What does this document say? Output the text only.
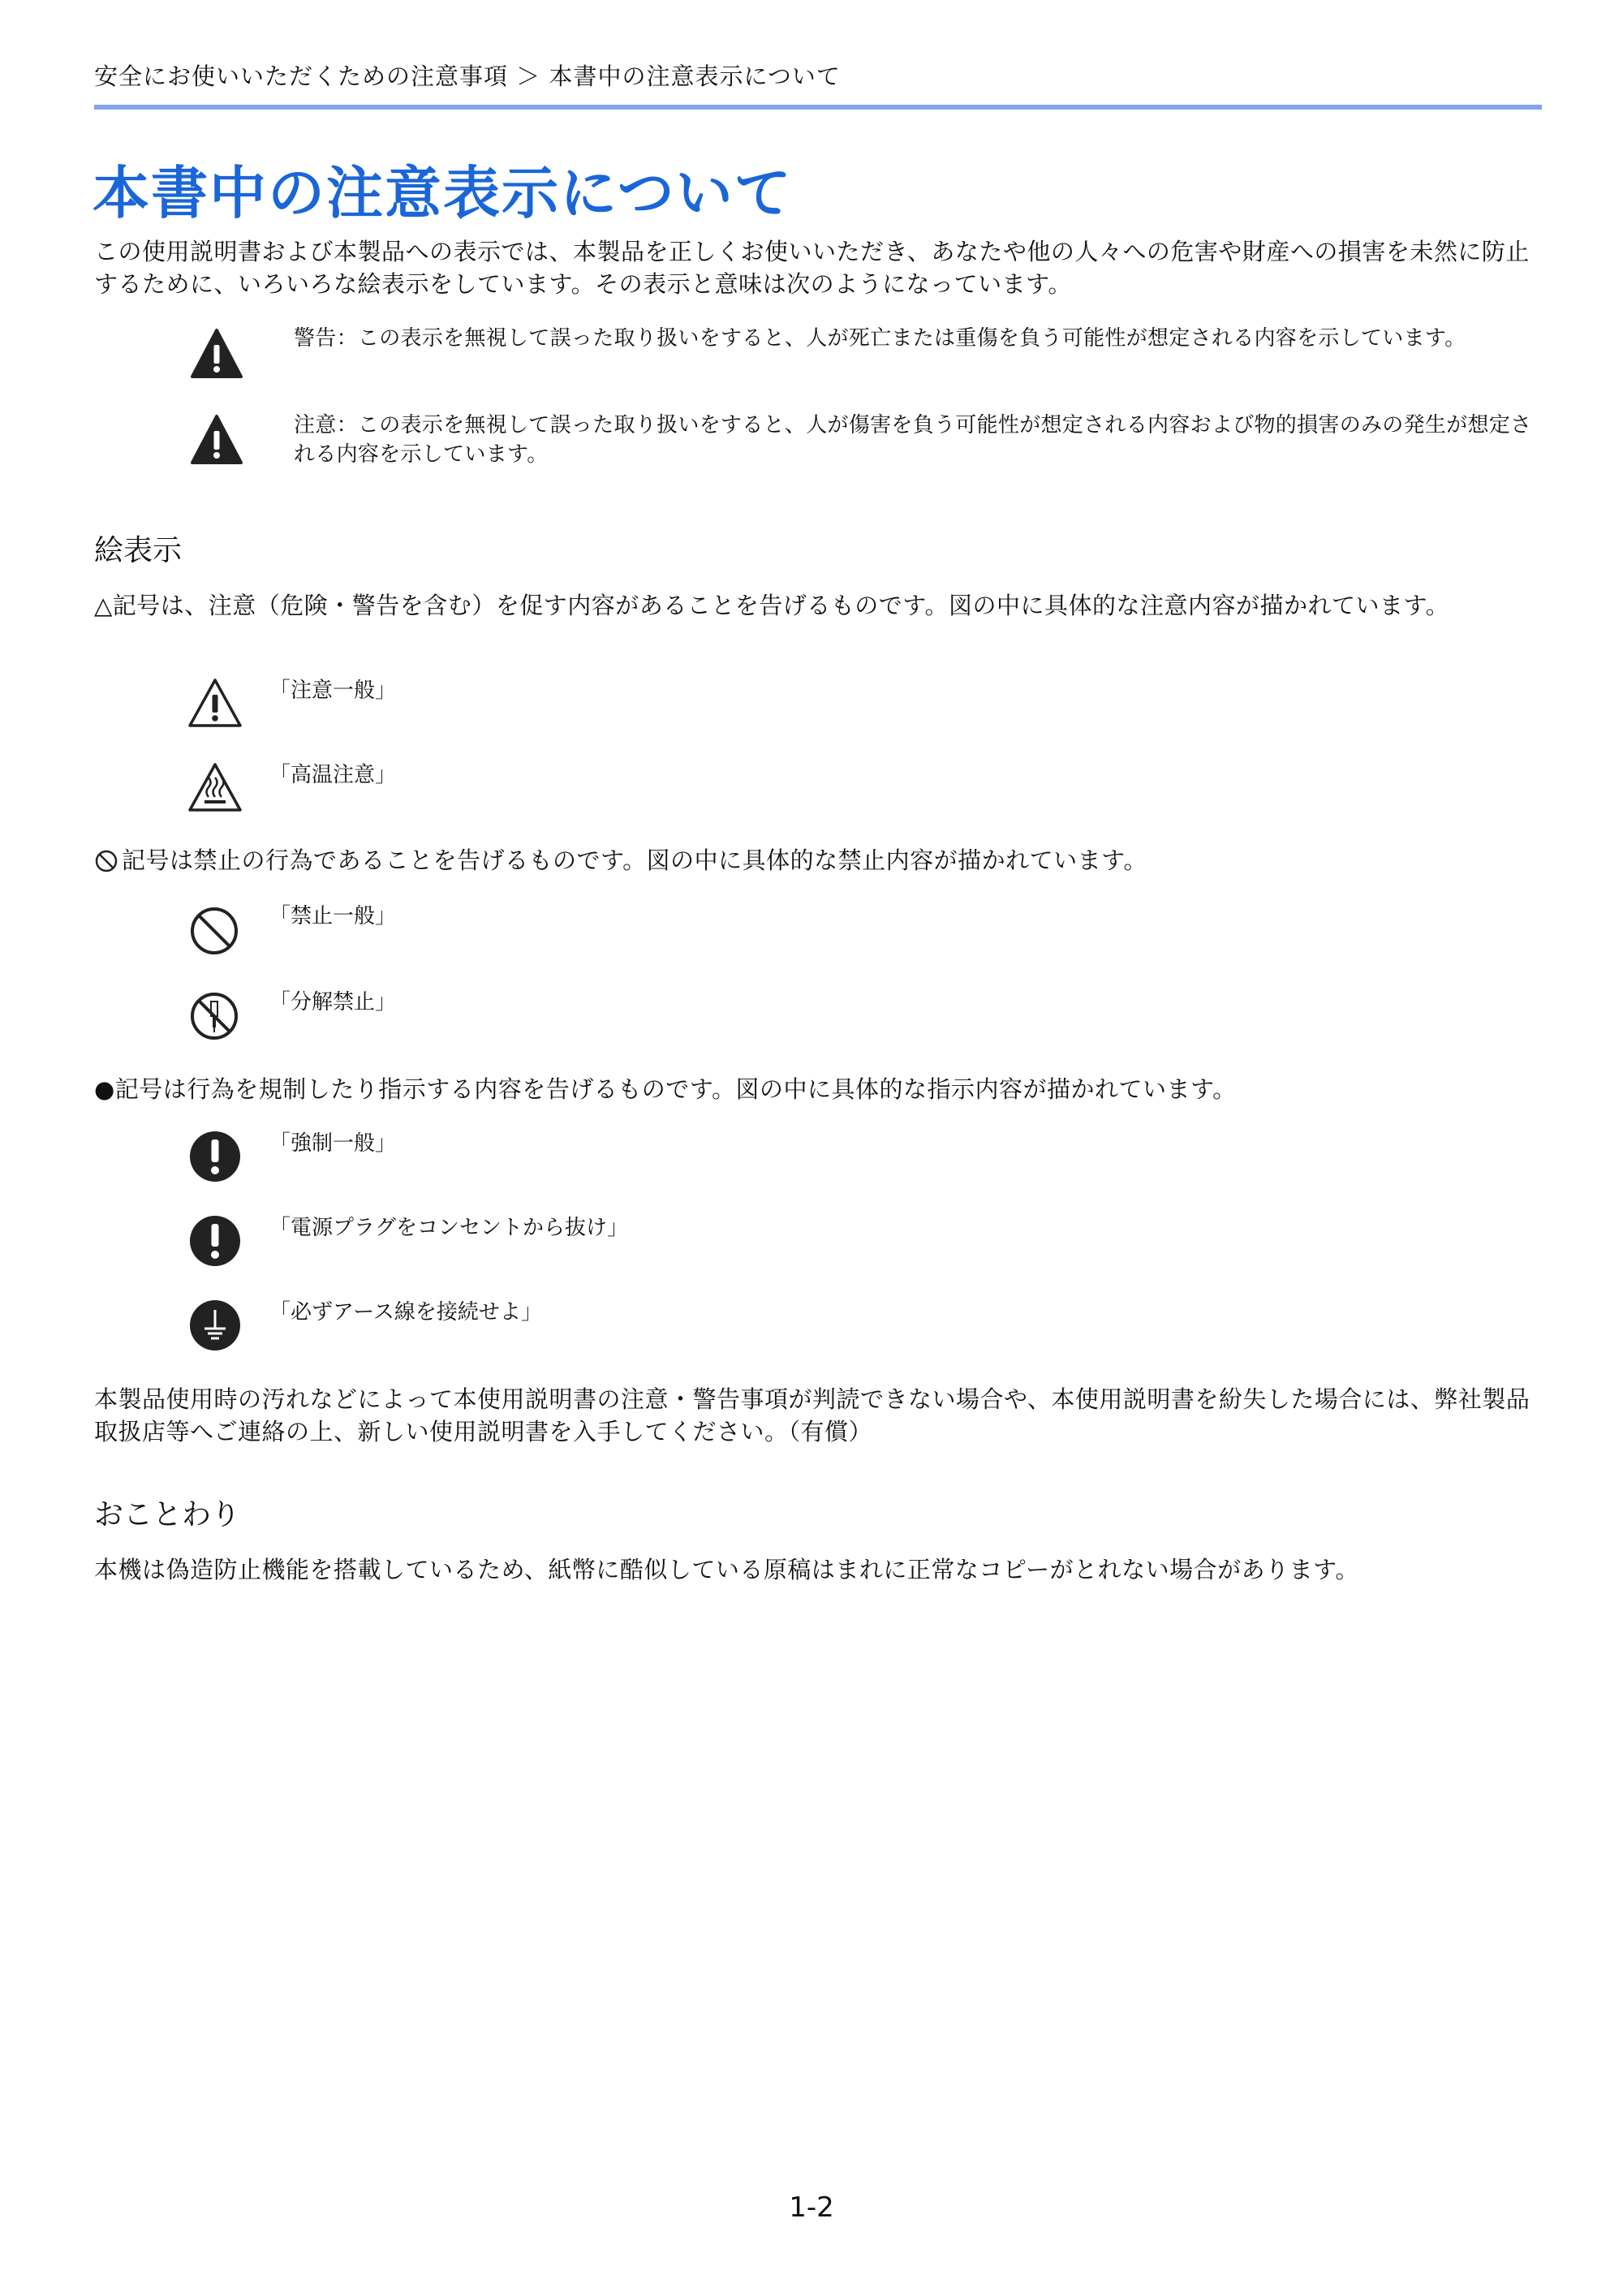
安全にお使いいただくための注意事項 ＞ 本書中の注意表示について
本書中の注意表示について
この使用説明書および本製品への表示では、本製品を正しくお使いいただき、あなたや他の人々への危害や財産への損害を未然に防止するために、いろいろな絵表示をしています。その表示と意味は次のようになっています。
警告：この表示を無視して誤った取り扱いをすると、人が死亡または重傷を負う可能性が想定される内容を示しています。
注意：この表示を無視して誤った取り扱いをすると、人が傷害を負う可能性が想定される内容および物的損害のみの発生が想定される内容を示しています。
絵表示
△記号は、注意（危険・警告を含む）を促す内容があることを告げるものです。図の中に具体的な注意内容が描かれています。
「注意一般」
「高温注意」
記号は禁止の行為であることを告げるものです。図の中に具体的な禁止内容が描かれています。
「禁止一般」
「分解禁止」
●記号は行為を規制したり指示する内容を告げるものです。図の中に具体的な指示内容が描かれています。
「強制一般」
「電源プラグをコンセントから抜け」
「必ずアース線を接続せよ」
本製品使用時の汚れなどによって本使用説明書の注意・警告事項が判読できない場合や、本使用説明書を紛失した場合には、弊社製品取扱店等へご連絡の上、新しい使用説明書を入手してください。（有償）
おことわり
本機は偽造防止機能を搭載しているため、紙幣に酷似している原稿はまれに正常なコピーがとれない場合があります。
1-2
